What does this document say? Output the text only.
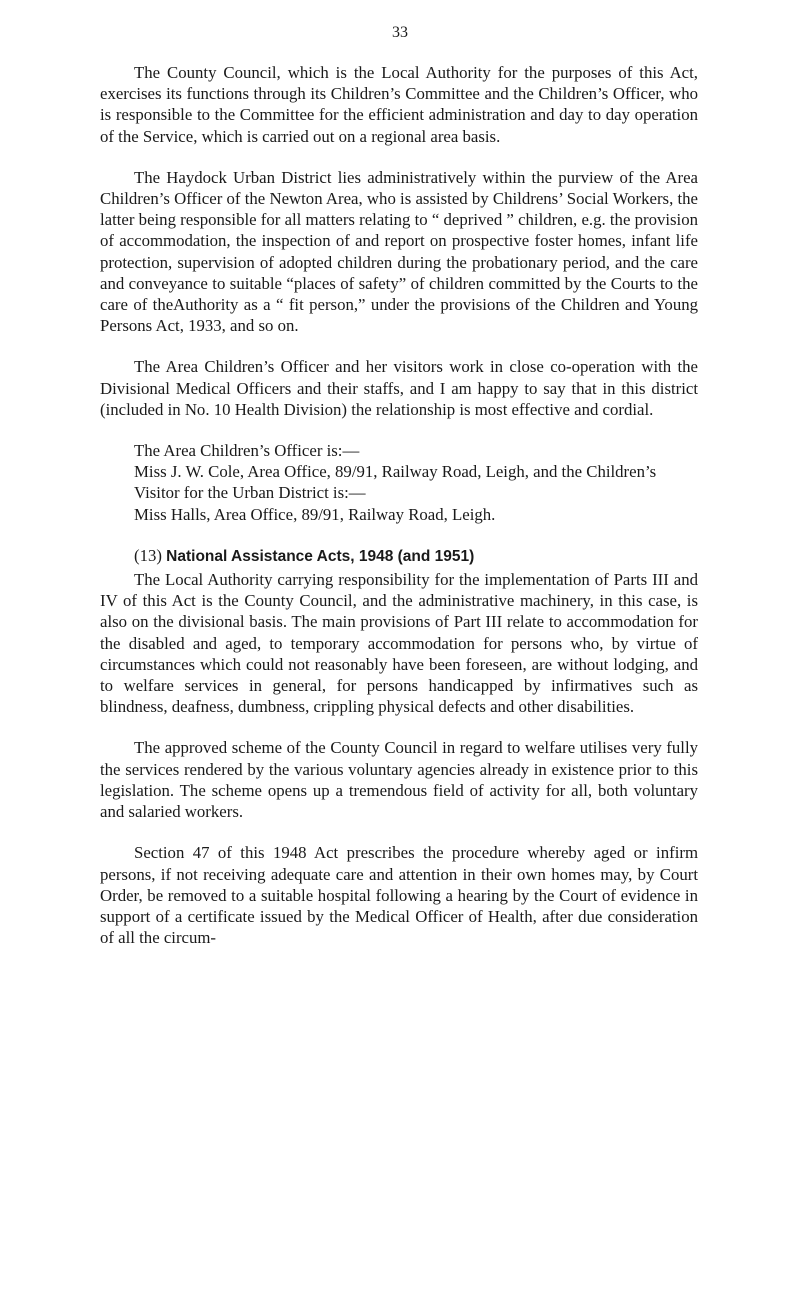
33

The County Council, which is the Local Authority for the purposes of this Act, exercises its functions through its Children’s Committee and the Children’s Officer, who is responsible to the Committee for the efficient administration and day to day operation of the Service, which is carried out on a regional area basis.

The Haydock Urban District lies administratively within the purview of the Area Children’s Officer of the Newton Area, who is assisted by Childrens’ Social Workers, the latter being responsible for all matters relating to “ deprived ” children, e.g. the provision of accommodation, the inspection of and report on prospective foster homes, infant life protection, supervision of adopted children during the probationary period, and the care and conveyance to suitable “places of safety” of children committed by the Courts to the care of theAuthority as a “ fit person,” under the provisions of the Children and Young Persons Act, 1933, and so on.

The Area Children’s Officer and her visitors work in close co-operation with the Divisional Medical Officers and their staffs, and I am happy to say that in this district (included in No. 10 Health Division) the relationship is most effective and cordial.

The Area Children’s Officer is:—

Miss J. W. Cole, Area Office, 89/91, Railway Road, Leigh, and the Children’s Visitor for the Urban District is:—

Miss Halls, Area Office, 89/91, Railway Road, Leigh.

(13) National Assistance Acts, 1948 (and 1951)

The Local Authority carrying responsibility for the implementation of Parts III and IV of this Act is the County Council, and the administrative machinery, in this case, is also on the divisional basis. The main provisions of Part III relate to accommodation for the disabled and aged, to temporary accommodation for persons who, by virtue of circumstances which could not reasonably have been foreseen, are without lodging, and to welfare services in general, for persons handicapped by infirmatives such as blindness, deafness, dumbness, crippling physical defects and other disabilities.

The approved scheme of the County Council in regard to welfare utilises very fully the services rendered by the various voluntary agencies already in existence prior to this legislation. The scheme opens up a tremendous field of activity for all, both voluntary and salaried workers.

Section 47 of this 1948 Act prescribes the procedure whereby aged or infirm persons, if not receiving adequate care and attention in their own homes may, by Court Order, be removed to a suitable hospital following a hearing by the Court of evidence in support of a certificate issued by the Medical Officer of Health, after due consideration of all the circum-
